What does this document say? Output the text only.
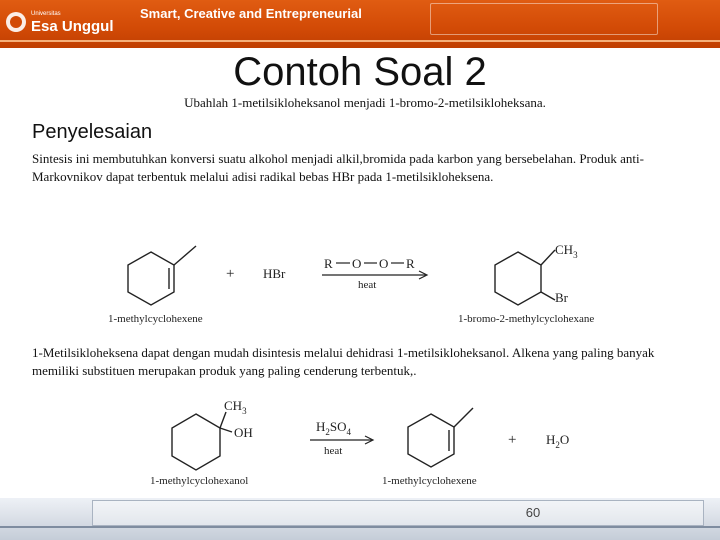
Universitas
Esa Unggul
Smart, Creative and Entrepreneurial
Contoh Soal 2
Ubahlah 1-metilsikloheksanol menjadi 1-bromo-2-metilsikloheksana.
Penyelesaian
Sintesis ini membutuhkan konversi suatu alkohol menjadi alkil,bromida pada karbon yang bersebelahan. Produk anti-Markovnikov dapat terbentuk melalui adisi radikal bebas HBr pada 1-metilsikloheksena.
1-methylcyclohexene
+ HBr
R O O R
heat
$CH_3$
Br
1-bromo-2-methylcyclohexane
1-Metilsikloheksena dapat dengan mudah disintesis melalui dehidrasi 1-metilsikloheksanol. Alkena yang paling banyak memiliki substituen merupakan produk yang paling cenderung terbentuk,.
$CH_3$
OH
1-methylcyclohexanol
$H_2SO_4$
heat
1-methylcyclohexene
+ $H_2O$
60
